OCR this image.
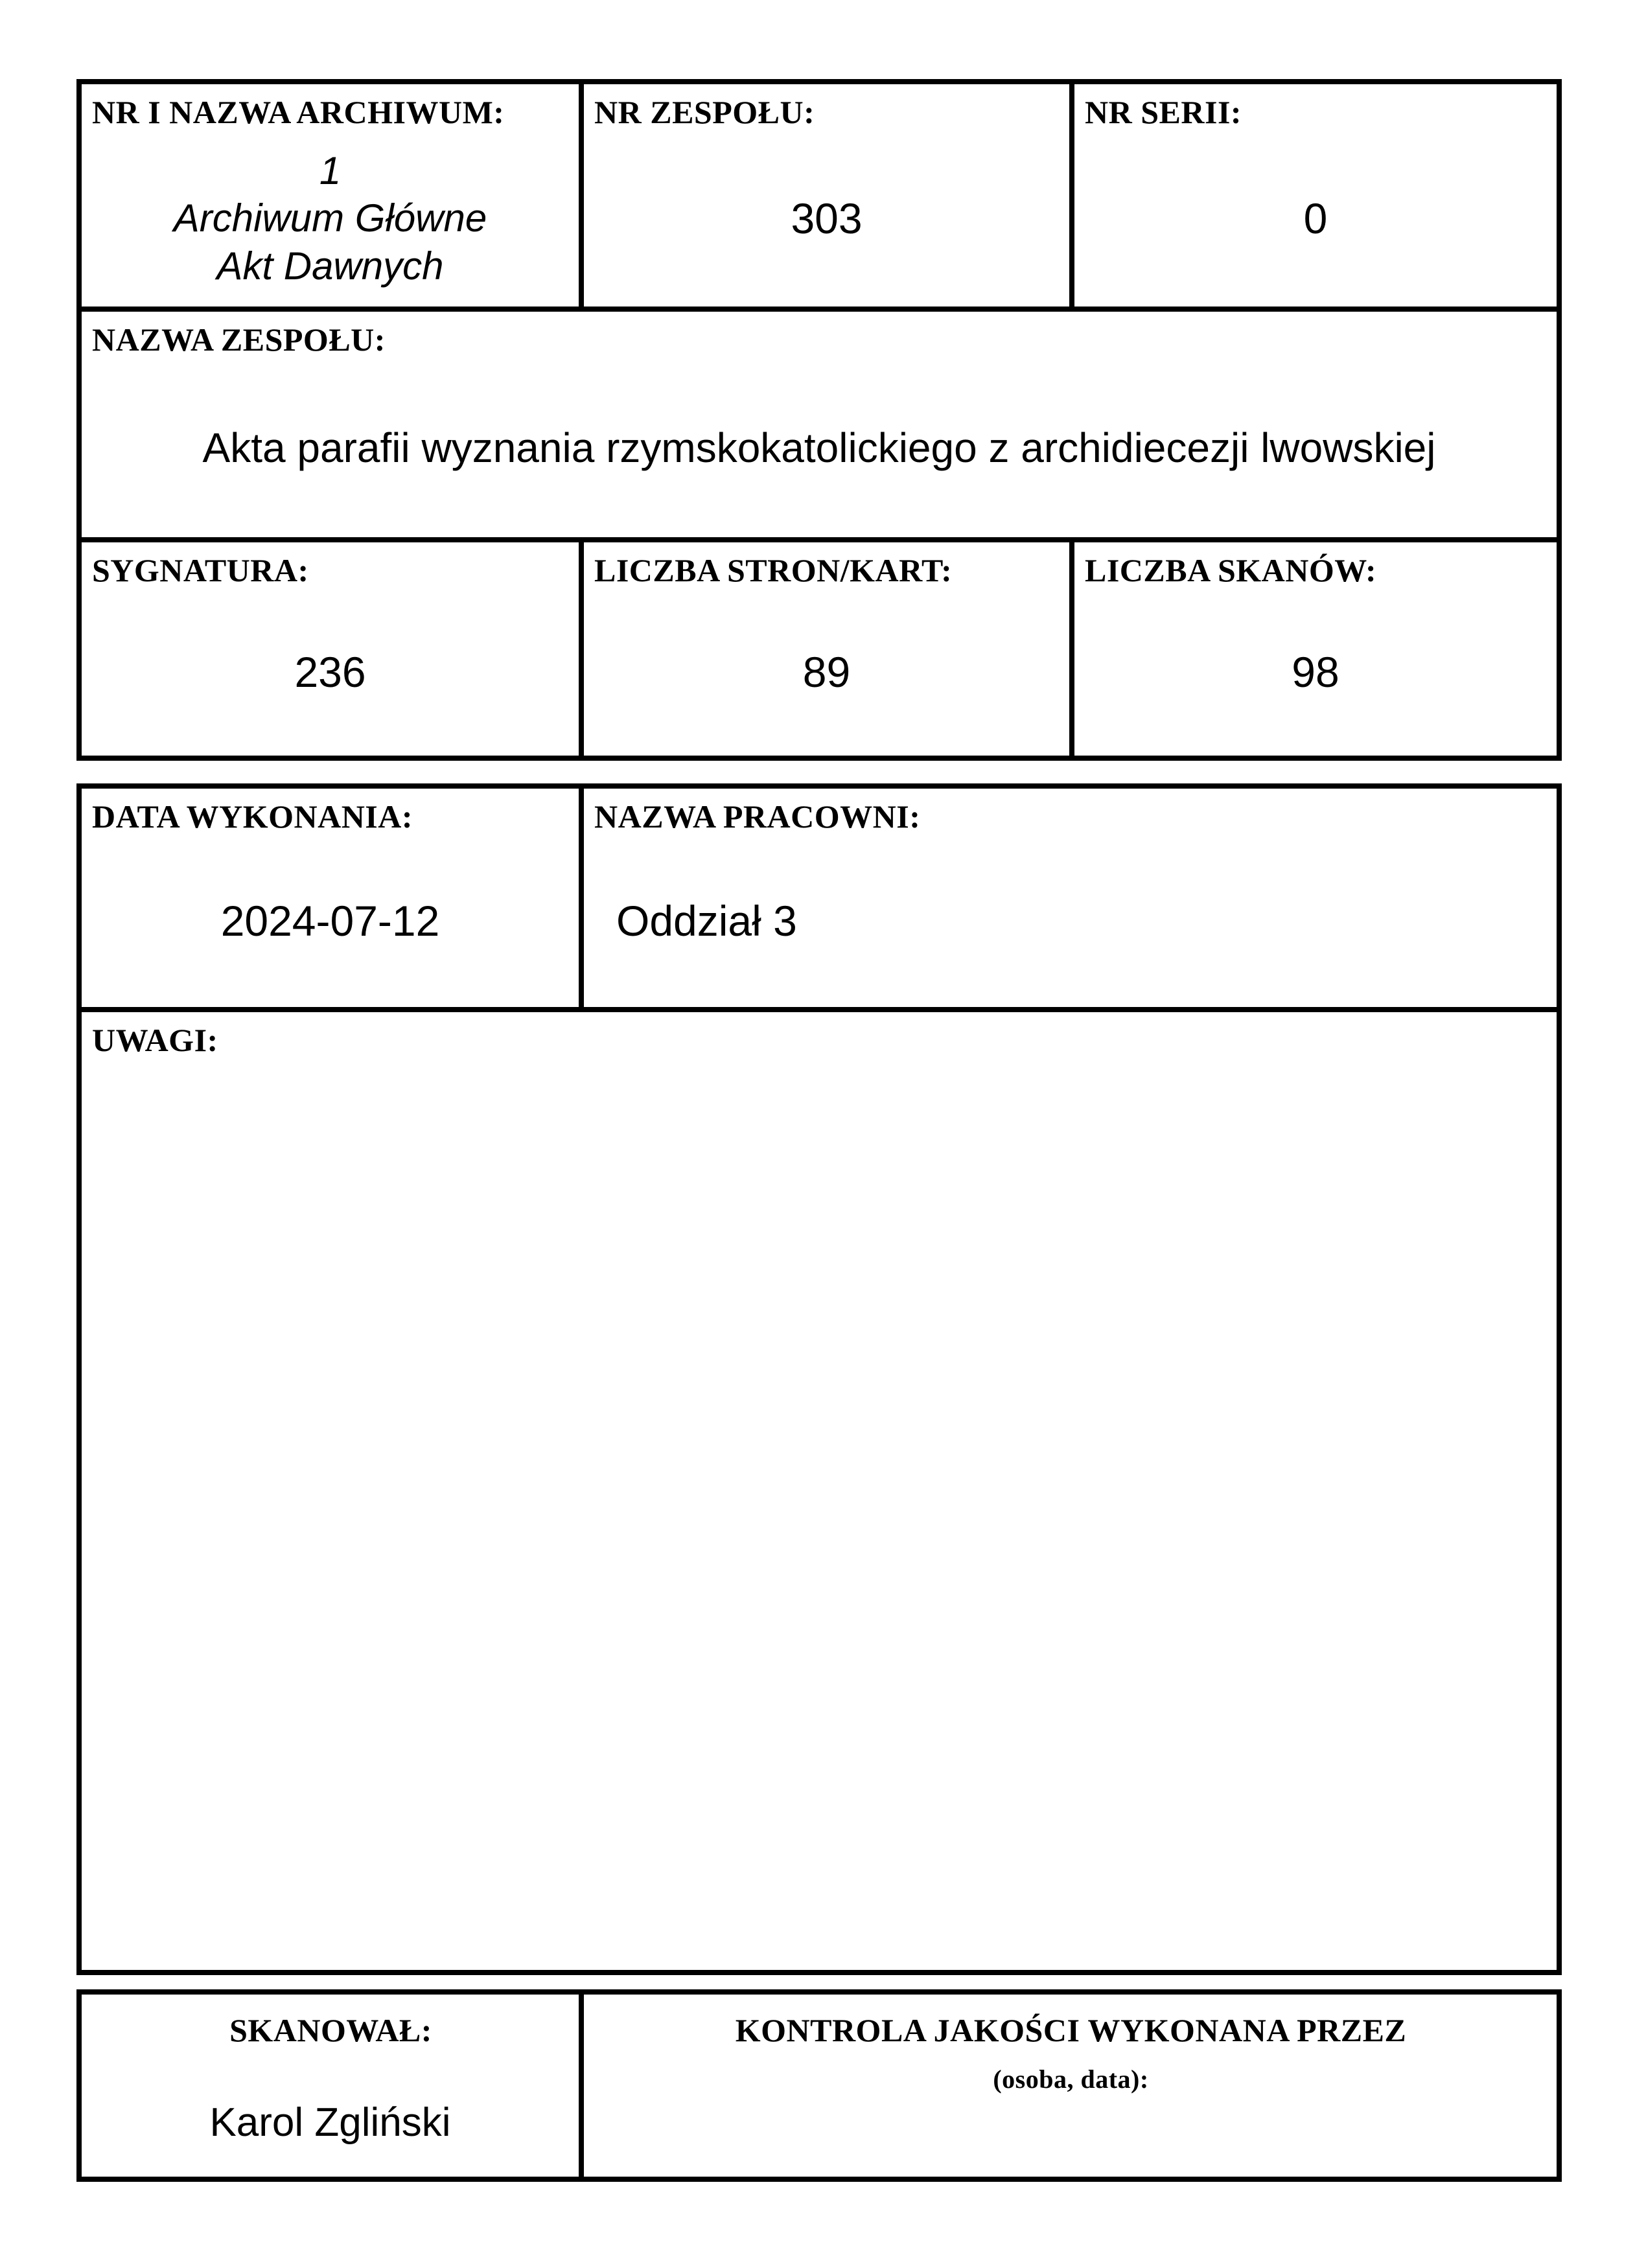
NR I NAZWA ARCHIWUM:
1
Archiwum Główne
Akt Dawnych
NR ZESPOŁU:
303
NR SERII:
0
NAZWA ZESPOŁU:
Akta parafii wyznania rzymskokatolickiego z archidiecezji lwowskiej
SYGNATURA:
236
LICZBA STRON/KART:
89
LICZBA SKANÓW:
98
DATA WYKONANIA:
2024-07-12
NAZWA PRACOWNI:
Oddział 3
UWAGI:
SKANOWAŁ:
Karol Zgliński
KONTROLA JAKOŚCI WYKONANA PRZEZ
(osoba, data):
